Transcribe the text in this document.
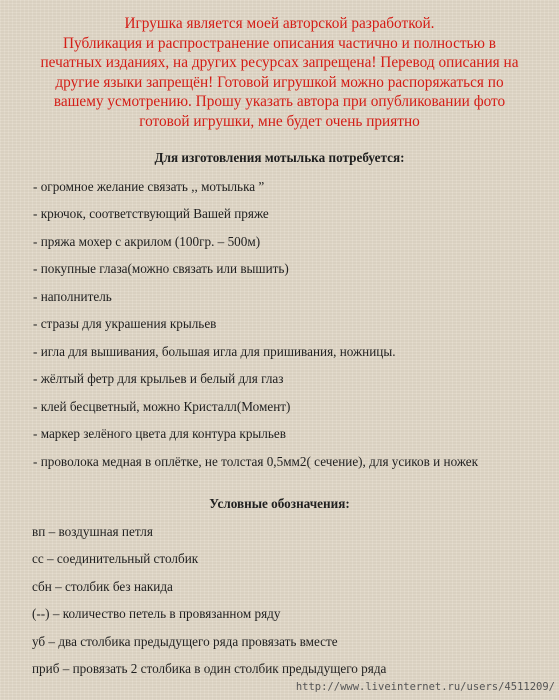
Игрушка является моей авторской разработкой.
Публикация и распространение описания частично и полностью в
печатных изданиях, на других ресурсах запрещена! Перевод описания на
другие языки запрещён! Готовой игрушкой можно распоряжаться по
вашему усмотрению. Прошу указать автора при опубликовании фото
готовой игрушки, мне будет очень приятно
Для изготовления мотылька потребуется:
- огромное желание связать ,, мотылька ”
- крючок, соответствующий Вашей пряже
- пряжа мохер с акрилом (100гр. – 500м)
- покупные глаза(можно связать или вышить)
- наполнитель
- стразы для украшения крыльев
- игла для вышивания, большая игла для пришивания, ножницы.
- жёлтый фетр для крыльев и белый для глаз
- клей бесцветный, можно Кристалл(Момент)
- маркер зелёного цвета для контура крыльев
- проволока медная в оплётке, не толстая 0,5мм2( сечение), для усиков и ножек
Условные обозначения:
вп – воздушная петля
сс – соединительный столбик
сбн – столбик без накида
(--) – количество петель в провязанном ряду
уб – два столбика предыдущего ряда провязать вместе
приб – провязать 2 столбика в один столбик предыдущего ряда
http://www.liveinternet.ru/users/4511209/
